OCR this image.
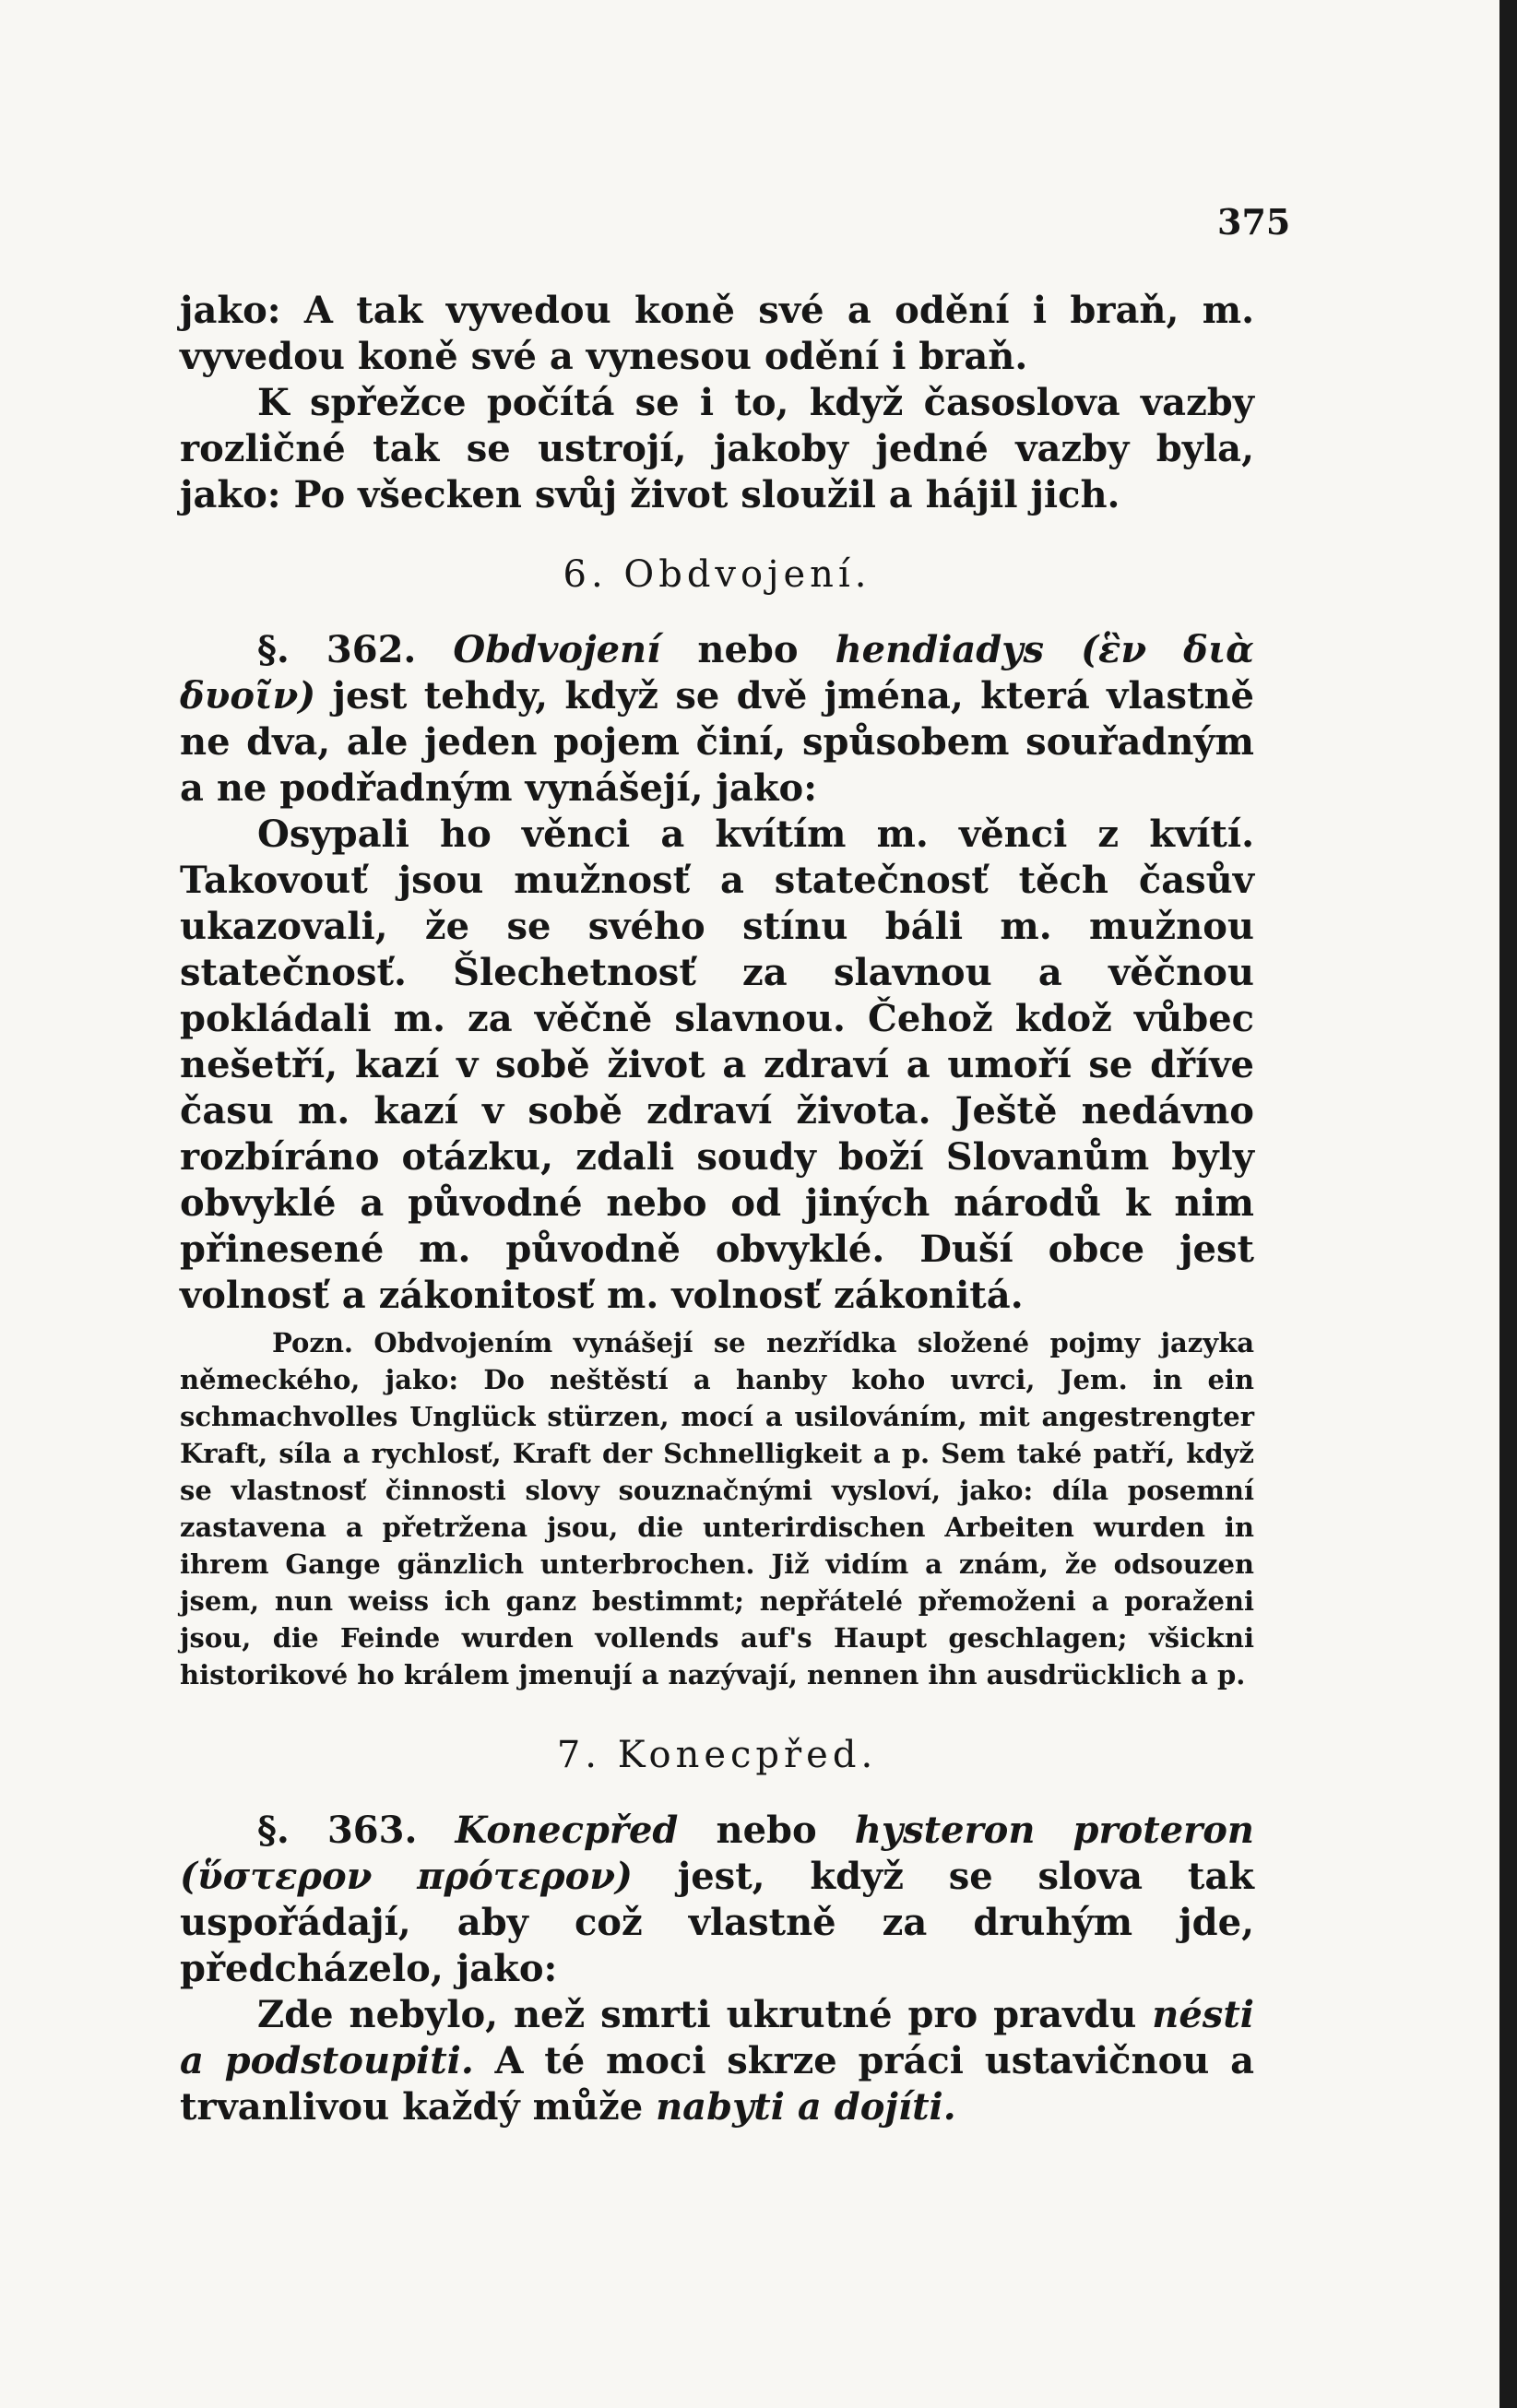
375

jako: A tak vyvedou koně své a odění i braň, m. vyvedou koně své a vynesou odění i braň.

K spřežce počítá se i to, když časoslova vazby rozličné tak se ustrojí, jakoby jedné vazby byla, jako: Po všecken svůj život sloužil a hájil jich.

6. Obdvojení.

§. 362. Obdvojení nebo hendiadys (ἓν διὰ δυοῖν) jest tehdy, když se dvě jména, která vlastně ne dva, ale jeden pojem činí, spůsobem souřadným a ne podřadným vynášejí, jako:

Osypali ho věnci a kvítím m. věnci z kvítí. Takovouť jsou mužnosť a statečnosť těch časův ukazovali, že se svého stínu báli m. mužnou statečnosť. Šlechetnosť za slavnou a věčnou pokládali m. za věčně slavnou. Čehož kdož vůbec nešetří, kazí v sobě život a zdraví a umoří se dříve času m. kazí v sobě zdraví života. Ještě nedávno rozbíráno otázku, zdali soudy boží Slovanům byly obvyklé a původné nebo od jiných národů k nim přinesené m. původně obvyklé. Duší obce jest volnosť a zákonitosť m. volnosť zákonitá.

Pozn. Obdvojením vynášejí se nezřídka složené pojmy jazyka německého, jako: Do neštěstí a hanby koho uvrci, Jem. in ein schmachvolles Unglück stürzen, mocí a usilováním, mit angestrengter Kraft, síla a rychlosť, Kraft der Schnelligkeit a p. Sem také patří, když se vlastnosť činnosti slovy souznačnými vysloví, jako: díla posemní zastavena a přetržena jsou, die unterirdischen Arbeiten wurden in ihrem Gange gänzlich unterbrochen. Již vidím a znám, že odsouzen jsem, nun weiss ich ganz bestimmt; nepřátelé přemoženi a poraženi jsou, die Feinde wurden vollends auf's Haupt geschlagen; všickni historikové ho králem jmenují a nazývají, nennen ihn ausdrücklich a p.

7. Konecpřed.

§. 363. Konecpřed nebo hysteron proteron (ὕστερον πρότερον) jest, když se slova tak uspořádají, aby což vlastně za druhým jde, předcházelo, jako:

Zde nebylo, než smrti ukrutné pro pravdu nésti a podstoupiti. A té moci skrze práci ustavičnou a trvanlivou každý může nabyti a dojíti.
